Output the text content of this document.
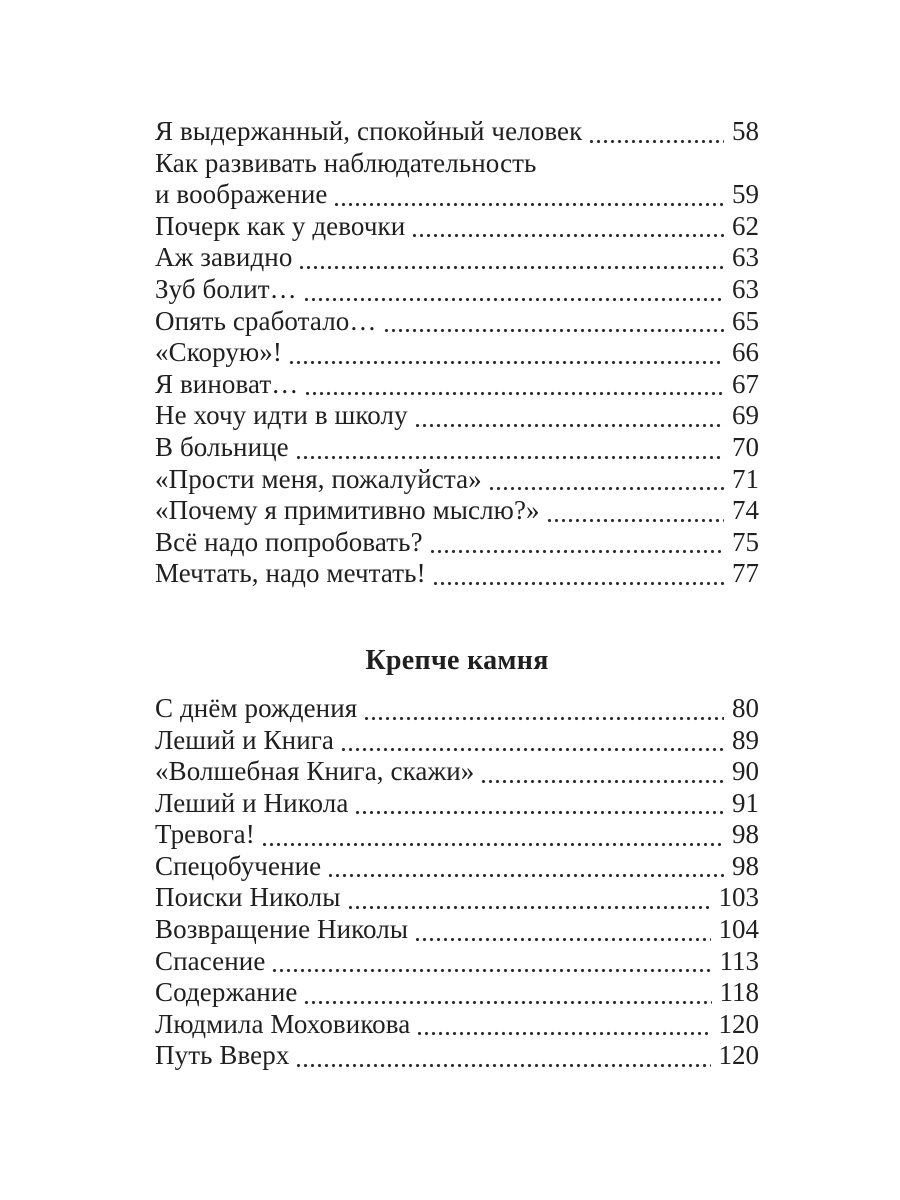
Я выдержанный, спокойный человек	58
Как развивать наблюдательность
и воображение	59
Почерк как у девочки	62
Аж завидно	63
Зуб болит…	63
Опять сработало…	65
«Скорую»!	66
Я виноват…	67
Не хочу идти в школу	69
В больнице	70
«Прости меня, пожалуйста»	71
«Почему я примитивно мыслю?»	74
Всё надо попробовать?	75
Мечтать, надо мечтать!	77
Крепче камня
С днём рождения	80
Леший и Книга	89
«Волшебная Книга, скажи»	90
Леший и Никола	91
Тревога!	98
Спецобучение	98
Поиски Николы	103
Возвращение Николы	104
Спасение	113
Содержание	118
Людмила Моховикова	120
Путь Вверх	120
